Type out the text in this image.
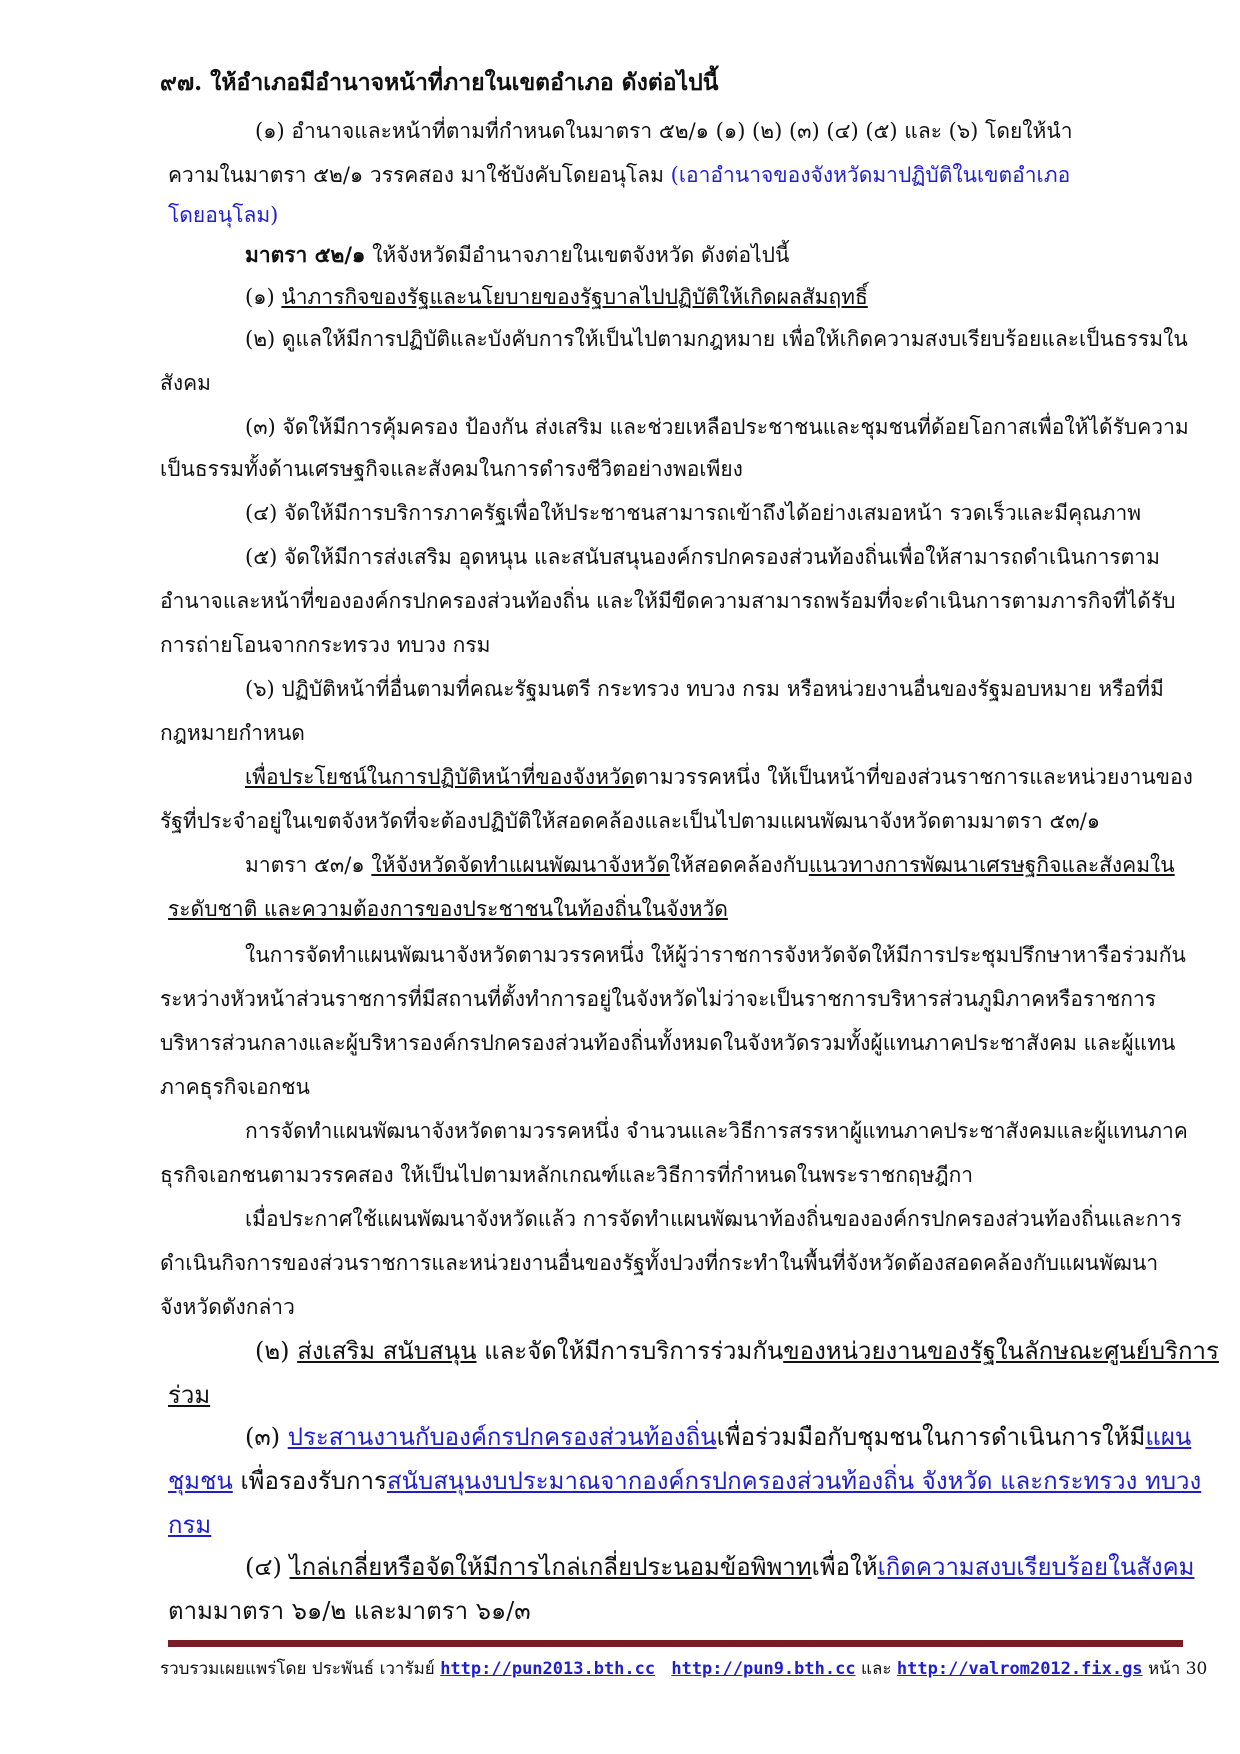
๙๗. ให้อำเภอมีอำนาจหน้าที่ภายในเขตอำเภอ ดังต่อไปนี้
(๑) อำนาจและหน้าที่ตามที่กำหนดในมาตรา ๕๒/๑ (๑) (๒) (๓) (๔) (๕) และ (๖) โดยให้นำ
ความในมาตรา ๕๒/๑ วรรคสอง มาใช้บังคับโดยอนุโลม (เอาอำนาจของจังหวัดมาปฏิบัติในเขตอำเภอ
โดยอนุโลม)
มาตรา ๕๒/๑ ให้จังหวัดมีอำนาจภายในเขตจังหวัด ดังต่อไปนี้
(๑) นำภารกิจของรัฐและนโยบายของรัฐบาลไปปฏิบัติให้เกิดผลสัมฤทธิ์
(๒) ดูแลให้มีการปฏิบัติและบังคับการให้เป็นไปตามกฎหมาย เพื่อให้เกิดความสงบเรียบร้อยและเป็นธรรมใน
สังคม
(๓) จัดให้มีการคุ้มครอง ป้องกัน ส่งเสริม และช่วยเหลือประชาชนและชุมชนที่ด้อยโอกาสเพื่อให้ได้รับความ
เป็นธรรมทั้งด้านเศรษฐกิจและสังคมในการดำรงชีวิตอย่างพอเพียง
(๔) จัดให้มีการบริการภาครัฐเพื่อให้ประชาชนสามารถเข้าถึงได้อย่างเสมอหน้า รวดเร็วและมีคุณภาพ
(๕) จัดให้มีการส่งเสริม อุดหนุน และสนับสนุนองค์กรปกครองส่วนท้องถิ่นเพื่อให้สามารถดำเนินการตาม
อำนาจและหน้าที่ขององค์กรปกครองส่วนท้องถิ่น และให้มีขีดความสามารถพร้อมที่จะดำเนินการตามภารกิจที่ได้รับ
การถ่ายโอนจากกระทรวง ทบวง กรม
(๖) ปฏิบัติหน้าที่อื่นตามที่คณะรัฐมนตรี กระทรวง ทบวง กรม หรือหน่วยงานอื่นของรัฐมอบหมาย หรือที่มี
กฎหมายกำหนด
เพื่อประโยชน์ในการปฏิบัติหน้าที่ของจังหวัดตามวรรคหนึ่ง ให้เป็นหน้าที่ของส่วนราชการและหน่วยงานของ
รัฐที่ประจำอยู่ในเขตจังหวัดที่จะต้องปฏิบัติให้สอดคล้องและเป็นไปตามแผนพัฒนาจังหวัดตามมาตรา ๕๓/๑
มาตรา ๕๓/๑ ให้จังหวัดจัดทำแผนพัฒนาจังหวัดให้สอดคล้องกับแนวทางการพัฒนาเศรษฐกิจและสังคมใน
ระดับชาติ และความต้องการของประชาชนในท้องถิ่นในจังหวัด
ในการจัดทำแผนพัฒนาจังหวัดตามวรรคหนึ่ง ให้ผู้ว่าราชการจังหวัดจัดให้มีการประชุมปรึกษาหารือร่วมกัน
ระหว่างหัวหน้าส่วนราชการที่มีสถานที่ตั้งทำการอยู่ในจังหวัดไม่ว่าจะเป็นราชการบริหารส่วนภูมิภาคหรือราชการ
บริหารส่วนกลางและผู้บริหารองค์กรปกครองส่วนท้องถิ่นทั้งหมดในจังหวัดรวมทั้งผู้แทนภาคประชาสังคม และผู้แทน
ภาคธุรกิจเอกชน
การจัดทำแผนพัฒนาจังหวัดตามวรรคหนึ่ง จำนวนและวิธีการสรรหาผู้แทนภาคประชาสังคมและผู้แทนภาค
ธุรกิจเอกชนตามวรรคสอง ให้เป็นไปตามหลักเกณฑ์และวิธีการที่กำหนดในพระราชกฤษฎีกา
เมื่อประกาศใช้แผนพัฒนาจังหวัดแล้ว การจัดทำแผนพัฒนาท้องถิ่นขององค์กรปกครองส่วนท้องถิ่นและการ
ดำเนินกิจการของส่วนราชการและหน่วยงานอื่นของรัฐทั้งปวงที่กระทำในพื้นที่จังหวัดต้องสอดคล้องกับแผนพัฒนา
จังหวัดดังกล่าว
(๒) ส่งเสริม สนับสนุน และจัดให้มีการบริการร่วมกันของหน่วยงานของรัฐในลักษณะศูนย์บริการ
ร่วม
(๓) ประสานงานกับองค์กรปกครองส่วนท้องถิ่นเพื่อร่วมมือกับชุมชนในการดำเนินการให้มีแผน
ชุมชน เพื่อรองรับการสนับสนุนงบประมาณจากองค์กรปกครองส่วนท้องถิ่น จังหวัด และกระทรวง ทบวง
กรม
(๔) ไกล่เกลี่ยหรือจัดให้มีการไกล่เกลี่ยประนอมข้อพิพาทเพื่อให้เกิดความสงบเรียบร้อยในสังคม
ตามมาตรา ๖๑/๒ และมาตรา ๖๑/๓
รวบรวมเผยแพร่โดย ประพันธ์ เวารัมย์ http://pun2013.bth.cc http://pun9.bth.cc และ http://valrom2012.fix.gs หน้า 30
